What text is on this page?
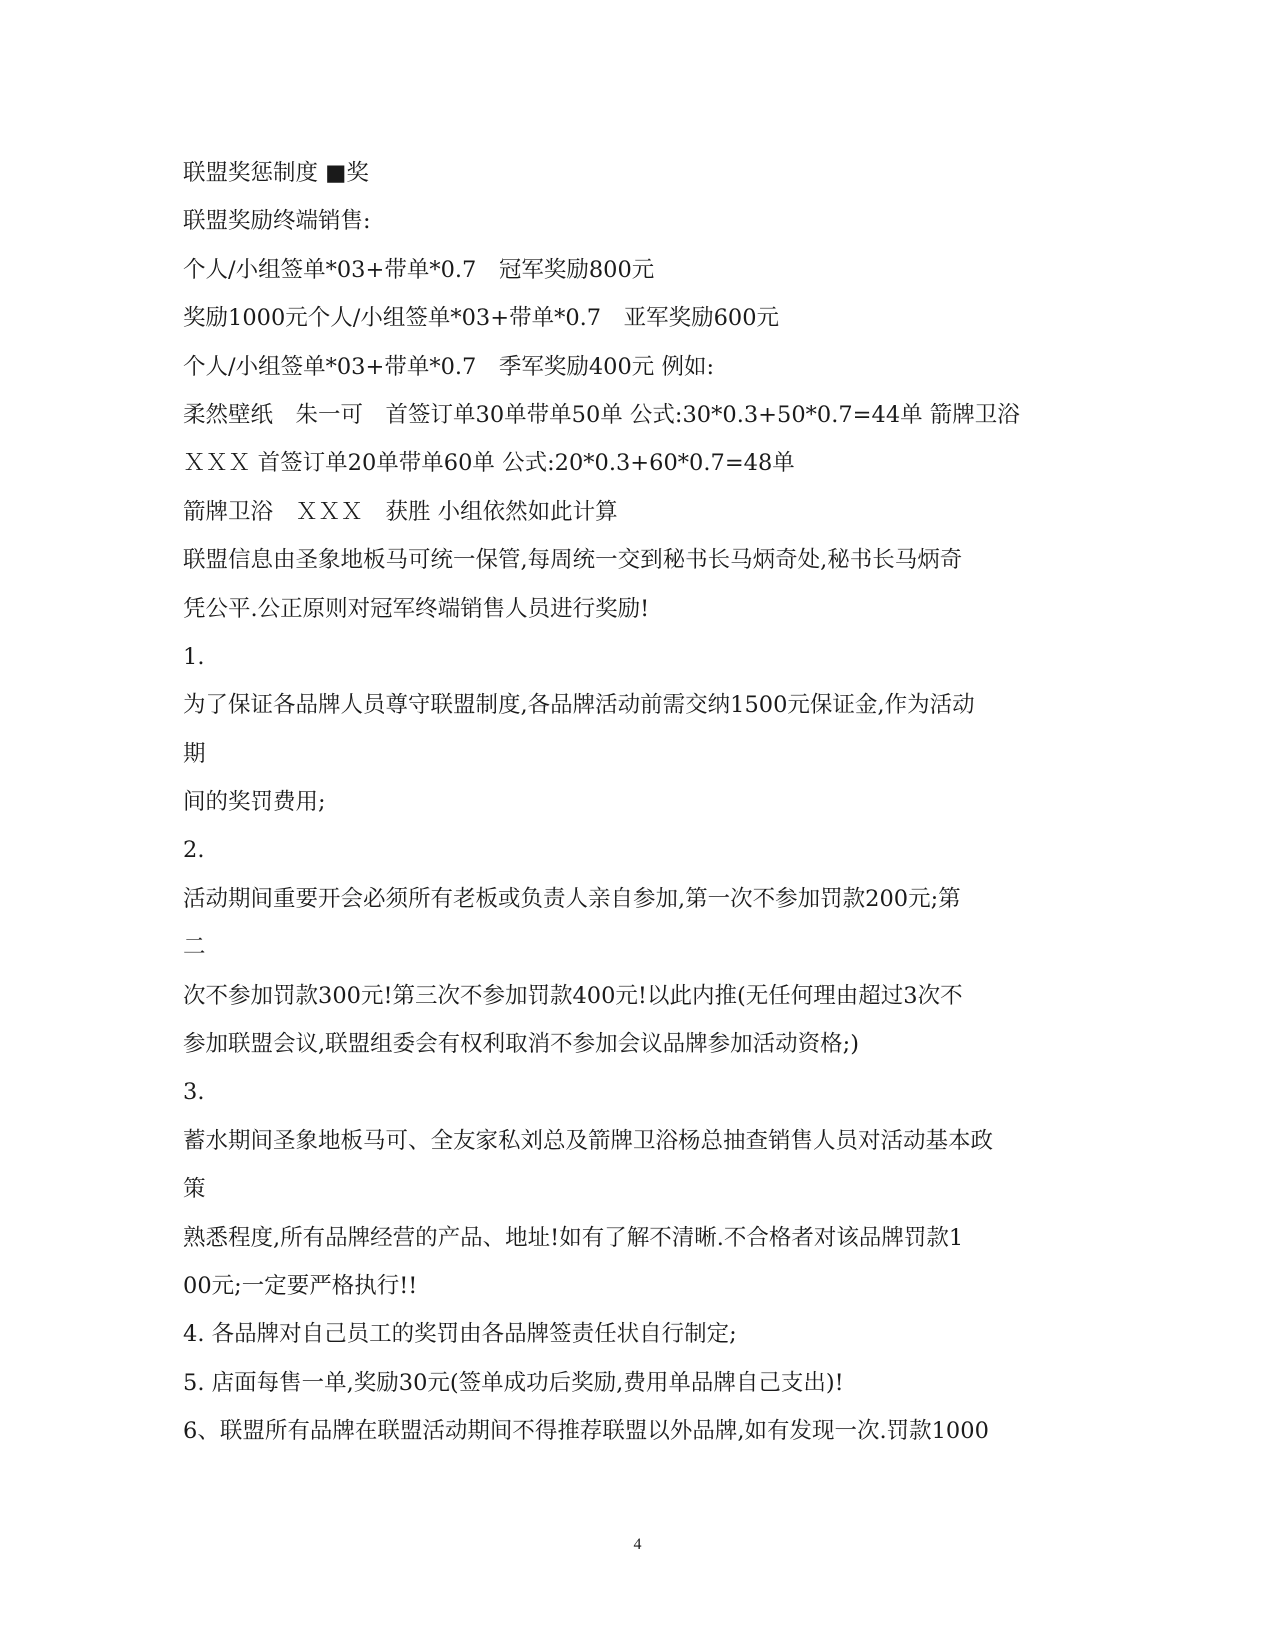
联盟奖惩制度 ■奖
联盟奖励终端销售:
个人/小组签单*03+带单*0.7　冠军奖励800元
奖励1000元个人/小组签单*03+带单*0.7　亚军奖励600元
个人/小组签单*03+带单*0.7　季军奖励400元 例如:
柔然壁纸　朱一可　首签订单30单带单50单 公式:30*0.3+50*0.7=44单 箭牌卫浴
ＸＸＸ 首签订单20单带单60单 公式:20*0.3+60*0.7=48单
箭牌卫浴　ＸＸＸ　获胜 小组依然如此计算
联盟信息由圣象地板马可统一保管,每周统一交到秘书长马炳奇处,秘书长马炳奇
凭公平.公正原则对冠军终端销售人员进行奖励!
1.
为了保证各品牌人员尊守联盟制度,各品牌活动前需交纳1500元保证金,作为活动
期
间的奖罚费用;
2.
活动期间重要开会必须所有老板或负责人亲自参加,第一次不参加罚款200元;第
二
次不参加罚款300元!第三次不参加罚款400元!以此内推(无任何理由超过3次不
参加联盟会议,联盟组委会有权利取消不参加会议品牌参加活动资格;)
3.
蓄水期间圣象地板马可、全友家私刘总及箭牌卫浴杨总抽查销售人员对活动基本政
策
熟悉程度,所有品牌经营的产品、地址!如有了解不清晰.不合格者对该品牌罚款1
00元;一定要严格执行!!
4. 各品牌对自己员工的奖罚由各品牌签责任状自行制定;
5. 店面每售一单,奖励30元(签单成功后奖励,费用单品牌自己支出)!
6、联盟所有品牌在联盟活动期间不得推荐联盟以外品牌,如有发现一次.罚款1000
4
